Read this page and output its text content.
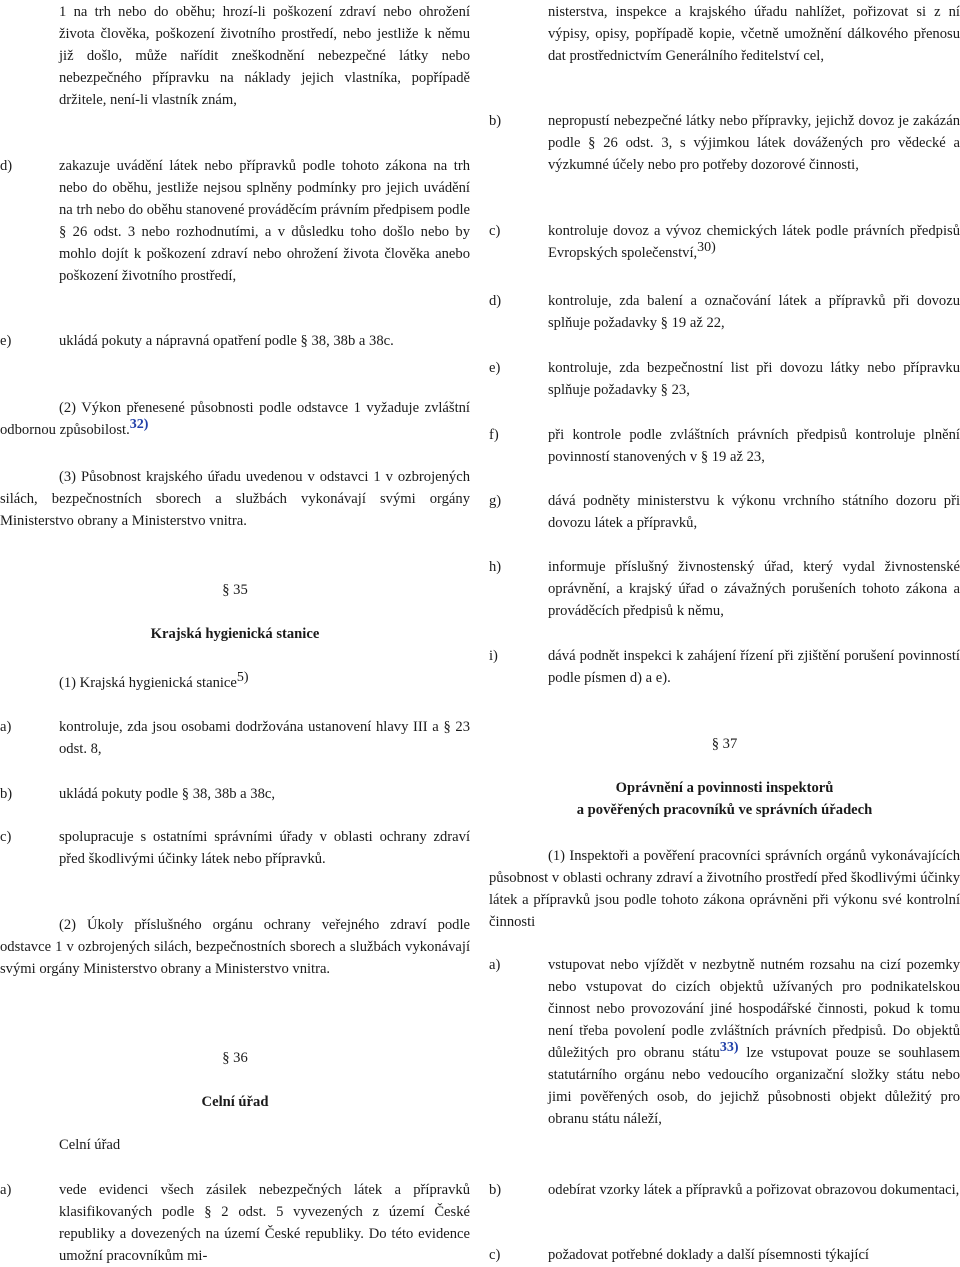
1 na trh nebo do oběhu; hrozí-li poškození zdraví nebo ohrožení života člověka, poškození životního prostředí, nebo jestliže k němu již došlo, může nařídit zneškodnění nebezpečné látky nebo nebezpečného přípravku na náklady jejich vlastníka, popřípadě držitele, není-li vlastník znám,
d)	zakazuje uvádění látek nebo přípravků podle tohoto zákona na trh nebo do oběhu, jestliže nejsou splněny podmínky pro jejich uvádění na trh nebo do oběhu stanovené prováděcím právním předpisem podle § 26 odst. 3 nebo rozhodnutími, a v důsledku toho došlo nebo by mohlo dojít k poškození zdraví nebo ohrožení života člověka anebo poškození životního prostředí,
e)	ukládá pokuty a nápravná opatření podle § 38, 38b a 38c.
(2) Výkon přenesené působnosti podle odstavce 1 vyžaduje zvláštní odbornou způsobilost.32)
(3) Působnost krajského úřadu uvedenou v odstavci 1 v ozbrojených silách, bezpečnostních sborech a službách vykonávají svými orgány Ministerstvo obrany a Ministerstvo vnitra.
§ 35
Krajská hygienická stanice
(1) Krajská hygienická stanice5)
a)	kontroluje, zda jsou osobami dodržována ustanovení hlavy III a § 23 odst. 8,
b)	ukládá pokuty podle § 38, 38b a 38c,
c)	spolupracuje s ostatními správními úřady v oblasti ochrany zdraví před škodlivými účinky látek nebo přípravků.
(2) Úkoly příslušného orgánu ochrany veřejného zdraví podle odstavce 1 v ozbrojených silách, bezpečnostních sborech a službách vykonávají svými orgány Ministerstvo obrany a Ministerstvo vnitra.
§ 36
Celní úřad
Celní úřad
a)	vede evidenci všech zásilek nebezpečných látek a přípravků klasifikovaných podle § 2 odst. 5 vyvezených z území České republiky a dovezených na území České republiky. Do této evidence umožní pracovníkům mi-
nisterstva, inspekce a krajského úřadu nahlížet, pořizovat si z ní výpisy, opisy, popřípadě kopie, včetně umožnění dálkového přenosu dat prostřednictvím Generálního ředitelství cel,
b)	nepropustí nebezpečné látky nebo přípravky, jejichž dovoz je zakázán podle § 26 odst. 3, s výjimkou látek dovážených pro vědecké a výzkumné účely nebo pro potřeby dozorové činnosti,
c)	kontroluje dovoz a vývoz chemických látek podle právních předpisů Evropských společenství,30)
d)	kontroluje, zda balení a označování látek a přípravků při dovozu splňuje požadavky § 19 až 22,
e)	kontroluje, zda bezpečnostní list při dovozu látky nebo přípravku splňuje požadavky § 23,
f)	při kontrole podle zvláštních právních předpisů kontroluje plnění povinností stanovených v § 19 až 23,
g)	dává podněty ministerstvu k výkonu vrchního státního dozoru při dovozu látek a přípravků,
h)	informuje příslušný živnostenský úřad, který vydal živnostenské oprávnění, a krajský úřad o závažných porušeních tohoto zákona a prováděcích předpisů k němu,
i)	dává podnět inspekci k zahájení řízení při zjištění porušení povinností podle písmen d) a e).
§ 37
Oprávnění a povinnosti inspektorů
a pověřených pracovníků ve správních úřadech
(1) Inspektoři a pověření pracovníci správních orgánů vykonávajících působnost v oblasti ochrany zdraví a životního prostředí před škodlivými účinky látek a přípravků jsou podle tohoto zákona oprávněni při výkonu své kontrolní činnosti
a)	vstupovat nebo vjíždět v nezbytně nutném rozsahu na cizí pozemky nebo vstupovat do cizích objektů užívaných pro podnikatelskou činnost nebo provozování jiné hospodářské činnosti, pokud k tomu není třeba povolení podle zvláštních právních předpisů. Do objektů důležitých pro obranu státu33) lze vstupovat pouze se souhlasem statutárního orgánu nebo vedoucího organizační složky státu nebo jimi pověřených osob, do jejichž působnosti objekt důležitý pro obranu státu náleží,
b)	odebírat vzorky látek a přípravků a pořizovat obrazovou dokumentaci,
c)	požadovat potřebné doklady a další písemnosti týkající
